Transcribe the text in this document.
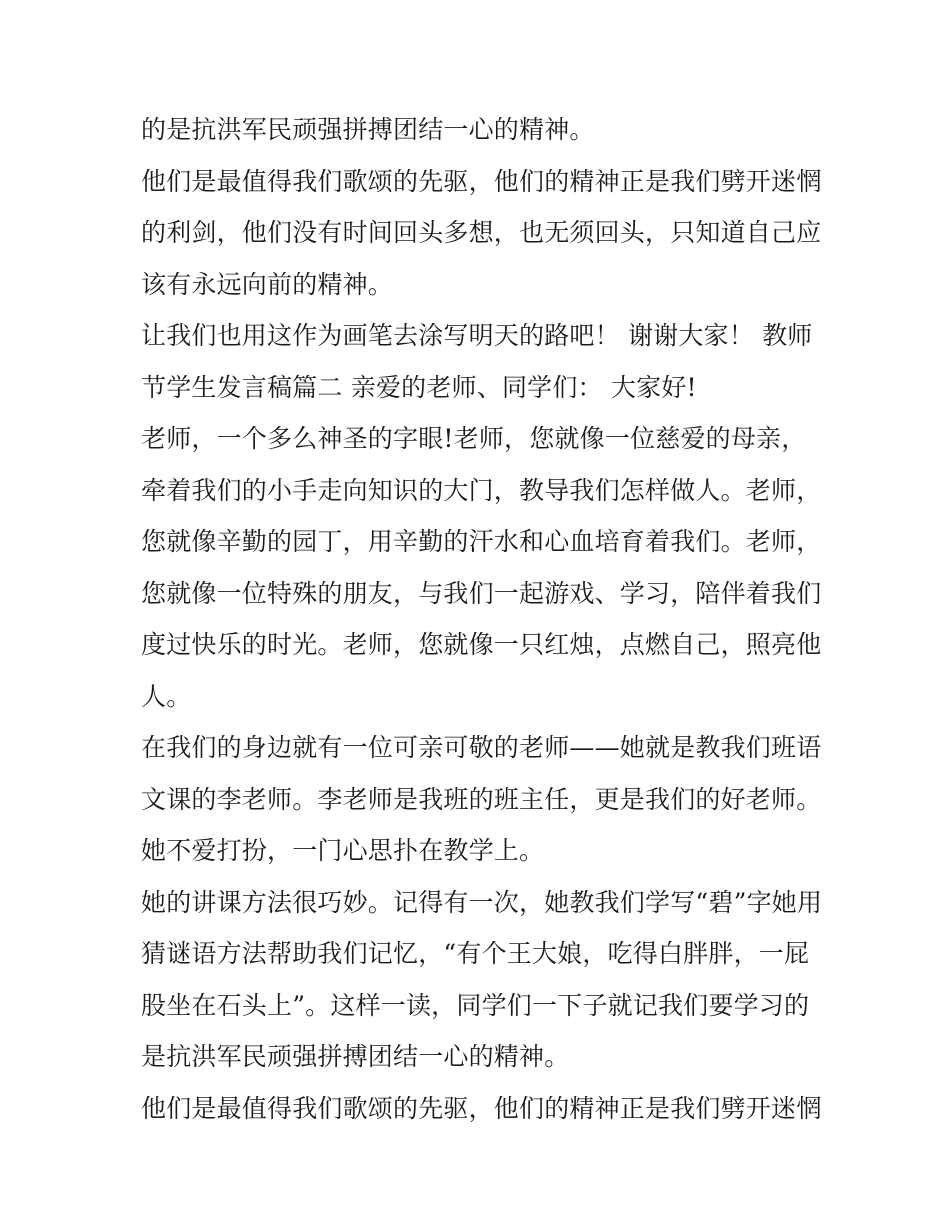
的是抗洪军民顽强拼搏团结一心的精神。
他们是最值得我们歌颂的先驱，他们的精神正是我们劈开迷惘
的利剑，他们没有时间回头多想，也无须回头，只知道自己应
该有永远向前的精神。
让我们也用这作为画笔去涂写明天的路吧！ 谢谢大家！ 教师
节学生发言稿篇二 亲爱的老师、同学们： 大家好!
老师，一个多么神圣的字眼!老师，您就像一位慈爱的母亲，
牵着我们的小手走向知识的大门，教导我们怎样做人。老师，
您就像辛勤的园丁，用辛勤的汗水和心血培育着我们。老师，
您就像一位特殊的朋友，与我们一起游戏、学习，陪伴着我们
度过快乐的时光。老师，您就像一只红烛，点燃自己，照亮他
人。
在我们的身边就有一位可亲可敬的老师——她就是教我们班语
文课的李老师。李老师是我班的班主任，更是我们的好老师。
她不爱打扮，一门心思扑在教学上。
她的讲课方法很巧妙。记得有一次，她教我们学写“碧”字她用
猜谜语方法帮助我们记忆，“有个王大娘，吃得白胖胖，一屁
股坐在石头上”。这样一读，同学们一下子就记我们要学习的
是抗洪军民顽强拼搏团结一心的精神。
他们是最值得我们歌颂的先驱，他们的精神正是我们劈开迷惘
